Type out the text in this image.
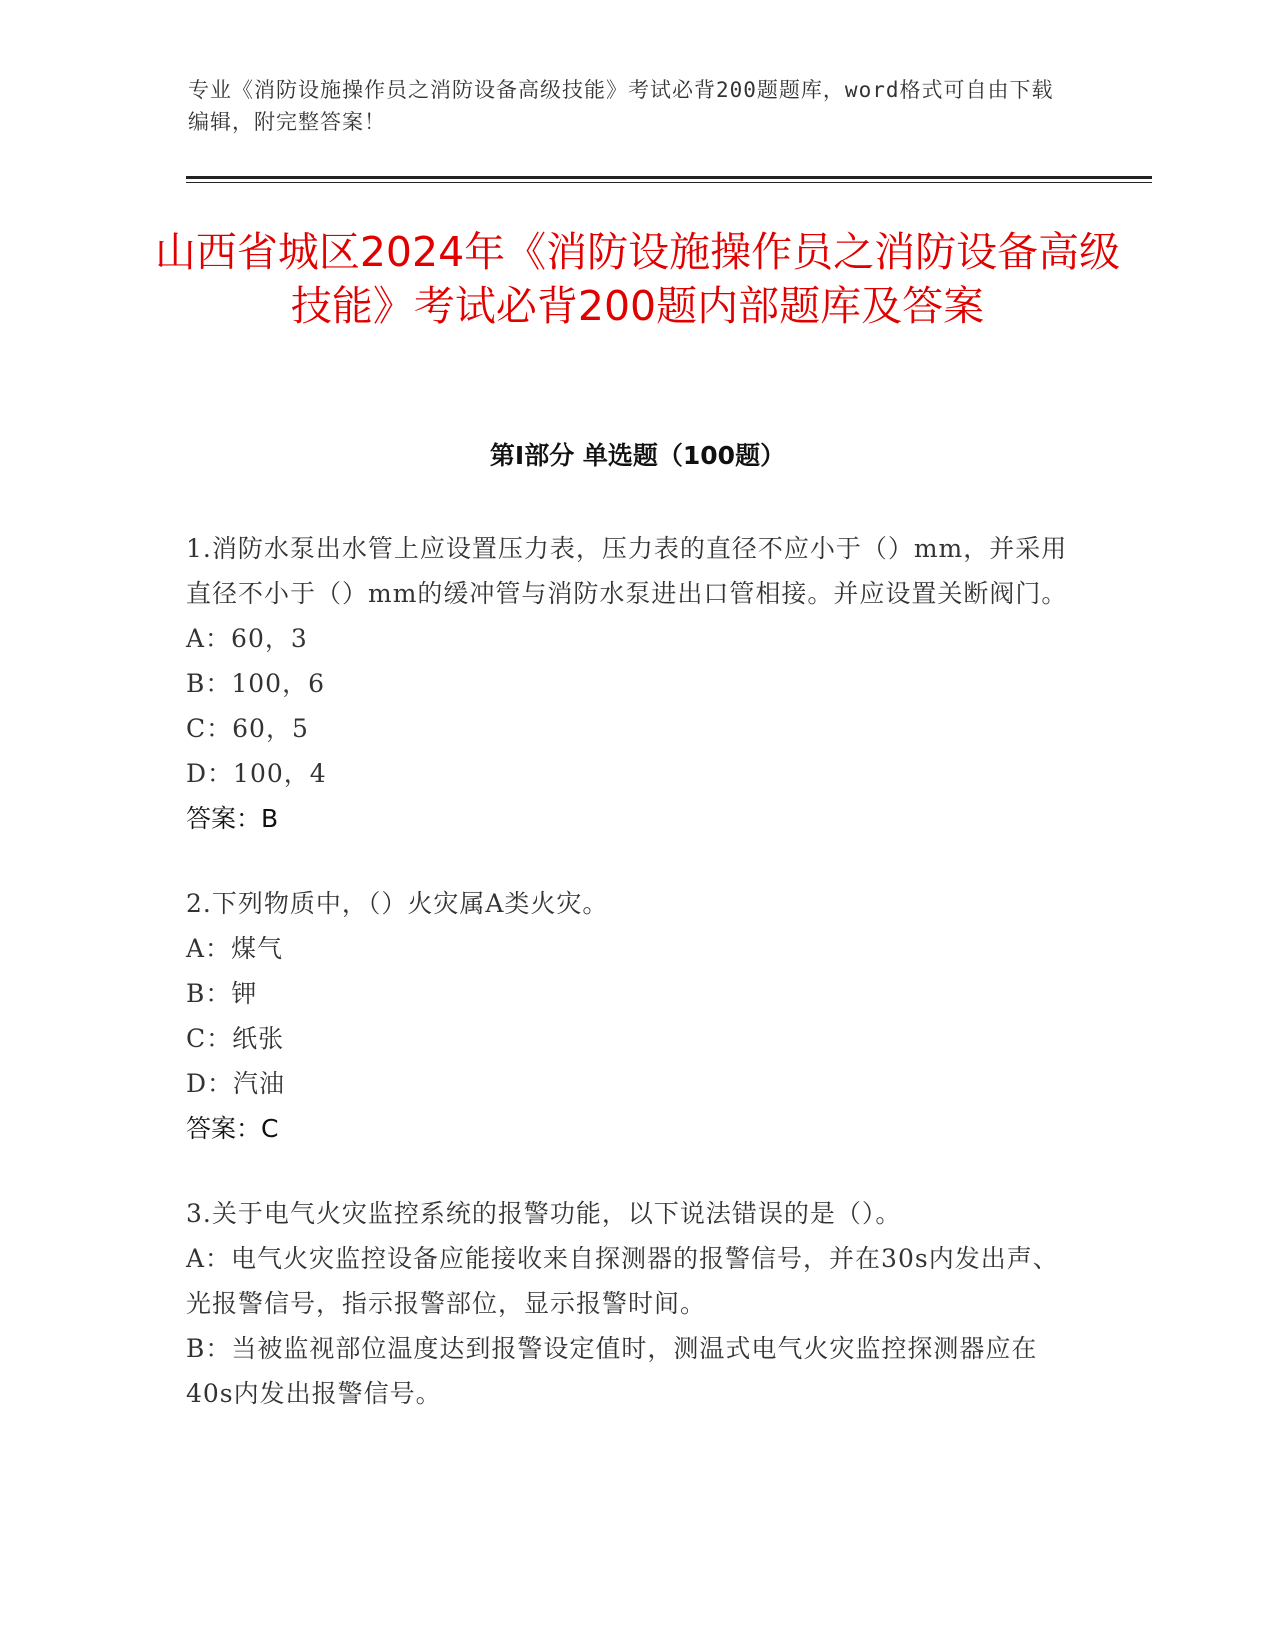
专业《消防设施操作员之消防设备高级技能》考试必背200题题库，word格式可自由下载编辑，附完整答案！
山西省城区2024年《消防设施操作员之消防设备高级技能》考试必背200题内部题库及答案
第I部分 单选题（100题）
1.消防水泵出水管上应设置压力表，压力表的直径不应小于（）mm，并采用直径不小于（）mm的缓冲管与消防水泵进出口管相接。并应设置关断阀门。
A：60，3
B：100，6
C：60，5
D：100，4
答案：B
2.下列物质中，（）火灾属A类火灾。
A：煤气
B：钾
C：纸张
D：汽油
答案：C
3.关于电气火灾监控系统的报警功能，以下说法错误的是（）。
A：电气火灾监控设备应能接收来自探测器的报警信号，并在30s内发出声、光报警信号，指示报警部位，显示报警时间。
B：当被监视部位温度达到报警设定值时，测温式电气火灾监控探测器应在40s内发出报警信号。
